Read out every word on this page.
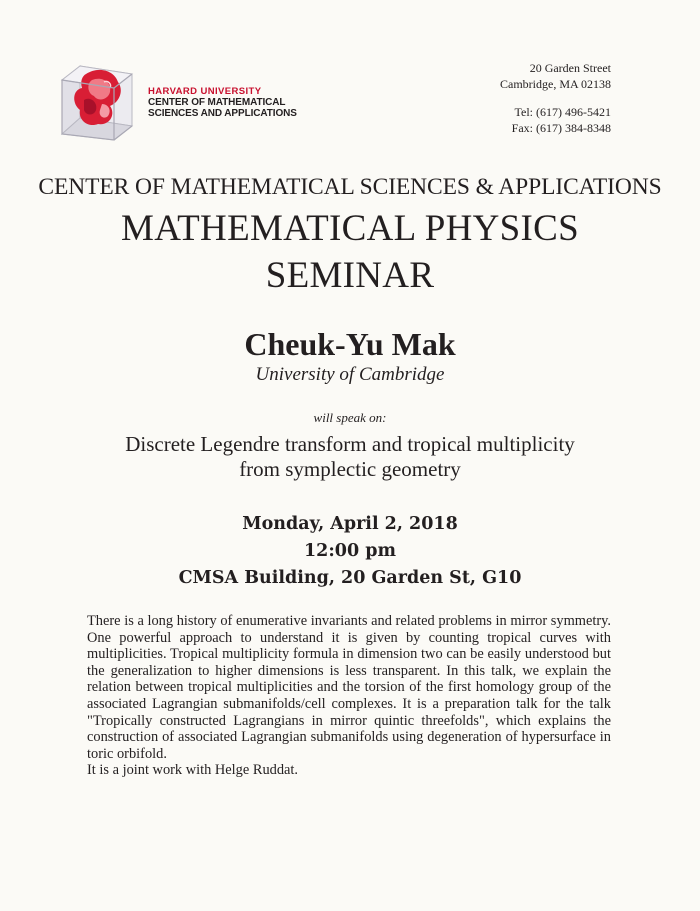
HARVARD UNIVERSITY
CENTER OF MATHEMATICAL
SCIENCES AND APPLICATIONS
20 Garden Street
Cambridge, MA 02138
Tel: (617) 496-5421
Fax: (617) 384-8348
CENTER OF MATHEMATICAL SCIENCES & APPLICATIONS
MATHEMATICAL PHYSICS
SEMINAR
Cheuk-Yu Mak
University of Cambridge
will speak on:
Discrete Legendre transform and tropical multiplicity
from symplectic geometry
Monday, April 2, 2018
12:00 pm
CMSA Building, 20 Garden St, G10

There is a long history of enumerative invariants and related problems in mirror symmetry. One powerful approach to understand it is given by counting tropical curves with multiplicities. Tropical multiplicity formula in dimension two can be easily understood but the generalization to higher dimensions is less transparent. In this talk, we explain the relation between tropical multiplicities and the torsion of the first homology group of the associated Lagrangian submanifolds/cell complexes. It is a preparation talk for the talk "Tropically constructed Lagrangians in mirror quintic threefolds", which explains the construction of associated Lagrangian submanifolds using degeneration of hypersurface in toric orbifold.

It is a joint work with Helge Ruddat.
